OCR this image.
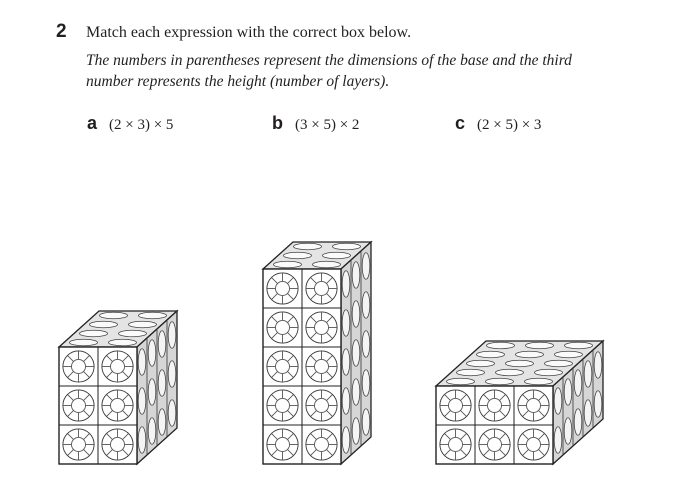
2 Match each expression with the correct box below.
The numbers in parentheses represent the dimensions of the base and the third number represents the height (number of layers).
a (2 × 3) × 5	b (3 × 5) × 2	c (2 × 5) × 3
